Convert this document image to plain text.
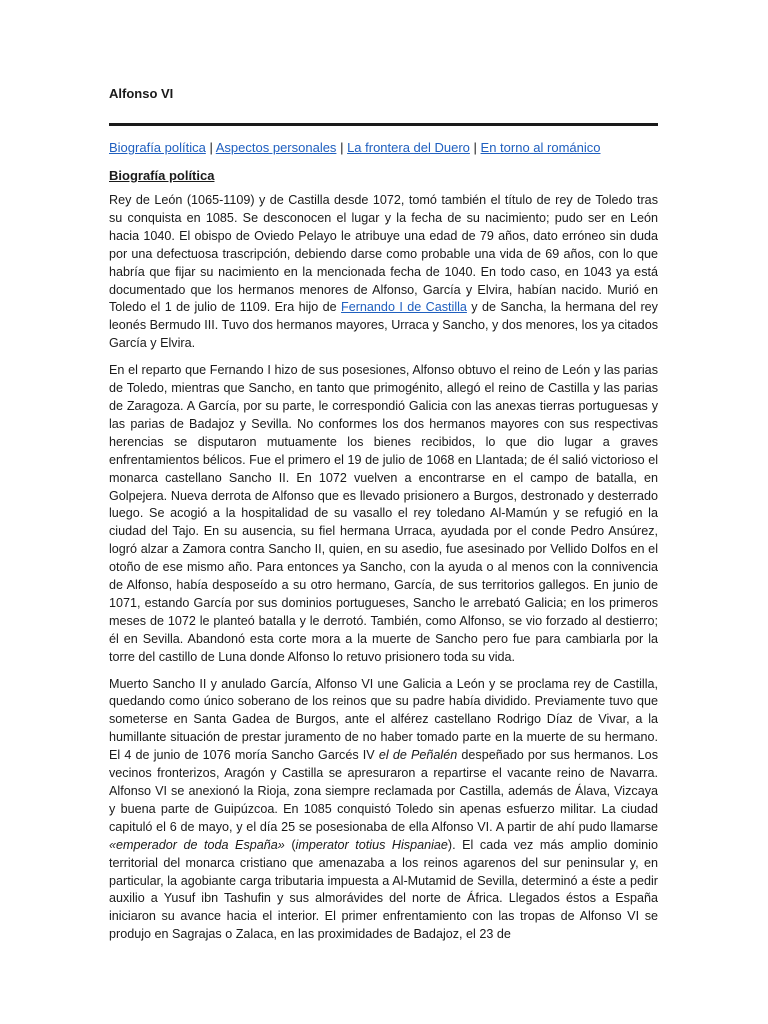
Alfonso VI
Biografía política | Aspectos personales | La frontera del Duero | En torno al románico
Biografía política

Rey de León (1065-1109) y de Castilla desde 1072, tomó también el título de rey de Toledo tras su conquista en 1085. Se desconocen el lugar y la fecha de su nacimiento; pudo ser en León hacia 1040. El obispo de Oviedo Pelayo le atribuye una edad de 79 años, dato erróneo sin duda por una defectuosa trascripción, debiendo darse como probable una vida de 69 años, con lo que habría que fijar su nacimiento en la mencionada fecha de 1040. En todo caso, en 1043 ya está documentado que los hermanos menores de Alfonso, García y Elvira, habían nacido. Murió en Toledo el 1 de julio de 1109. Era hijo de Fernando I de Castilla y de Sancha, la hermana del rey leonés Bermudo III. Tuvo dos hermanos mayores, Urraca y Sancho, y dos menores, los ya citados García y Elvira.

En el reparto que Fernando I hizo de sus posesiones, Alfonso obtuvo el reino de León y las parias de Toledo, mientras que Sancho, en tanto que primogénito, allegó el reino de Castilla y las parias de Zaragoza. A García, por su parte, le correspondió Galicia con las anexas tierras portuguesas y las parias de Badajoz y Sevilla. No conformes los dos hermanos mayores con sus respectivas herencias se disputaron mutuamente los bienes recibidos, lo que dio lugar a graves enfrentamientos bélicos. Fue el primero el 19 de julio de 1068 en Llantada; de él salió victorioso el monarca castellano Sancho II. En 1072 vuelven a encontrarse en el campo de batalla, en Golpejera. Nueva derrota de Alfonso que es llevado prisionero a Burgos, destronado y desterrado luego. Se acogió a la hospitalidad de su vasallo el rey toledano Al-Mamún y se refugió en la ciudad del Tajo. En su ausencia, su fiel hermana Urraca, ayudada por el conde Pedro Ansúrez, logró alzar a Zamora contra Sancho II, quien, en su asedio, fue asesinado por Vellido Dolfos en el otoño de ese mismo año. Para entonces ya Sancho, con la ayuda o al menos con la connivencia de Alfonso, había desposeído a su otro hermano, García, de sus territorios gallegos. En junio de 1071, estando García por sus dominios portugueses, Sancho le arrebató Galicia; en los primeros meses de 1072 le planteó batalla y le derrotó. También, como Alfonso, se vio forzado al destierro; él en Sevilla. Abandonó esta corte mora a la muerte de Sancho pero fue para cambiarla por la torre del castillo de Luna donde Alfonso lo retuvo prisionero toda su vida.

Muerto Sancho II y anulado García, Alfonso VI une Galicia a León y se proclama rey de Castilla, quedando como único soberano de los reinos que su padre había dividido. Previamente tuvo que someterse en Santa Gadea de Burgos, ante el alférez castellano Rodrigo Díaz de Vivar, a la humillante situación de prestar juramento de no haber tomado parte en la muerte de su hermano. El 4 de junio de 1076 moría Sancho Garcés IV el de Peñalén despeñado por sus hermanos. Los vecinos fronterizos, Aragón y Castilla se apresuraron a repartirse el vacante reino de Navarra. Alfonso VI se anexionó la Rioja, zona siempre reclamada por Castilla, además de Álava, Vizcaya y buena parte de Guipúzcoa. En 1085 conquistó Toledo sin apenas esfuerzo militar. La ciudad capituló el 6 de mayo, y el día 25 se posesionaba de ella Alfonso VI. A partir de ahí pudo llamarse «emperador de toda España» (imperator totius Hispaniae). El cada vez más amplio dominio territorial del monarca cristiano que amenazaba a los reinos agarenos del sur peninsular y, en particular, la agobiante carga tributaria impuesta a Al-Mutamid de Sevilla, determinó a éste a pedir auxilio a Yusuf ibn Tashufin y sus almorávides del norte de África. Llegados éstos a España iniciaron su avance hacia el interior. El primer enfrentamiento con las tropas de Alfonso VI se produjo en Sagrajas o Zalaca, en las proximidades de Badajoz, el 23 de
